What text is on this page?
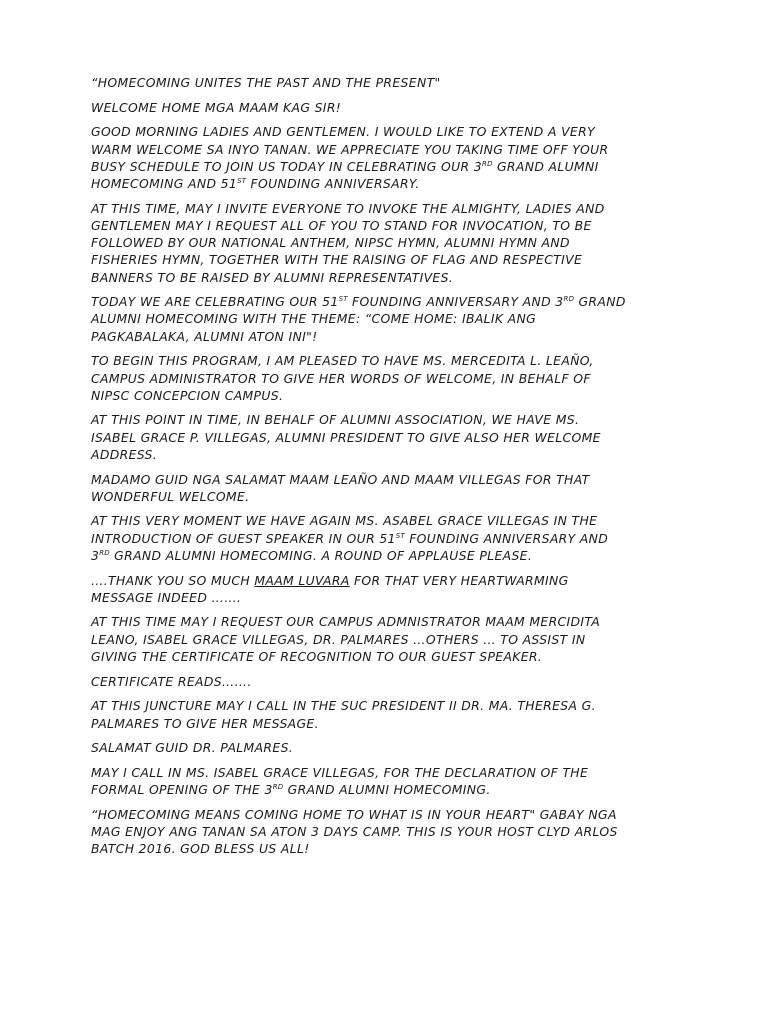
“HOMECOMING UNITES THE PAST AND THE PRESENT"

WELCOME HOME MGA MAAM KAG SIR!

GOOD MORNING LADIES AND GENTLEMEN. I WOULD LIKE TO EXTEND A VERY
WARM WELCOME SA INYO TANAN. WE APPRECIATE YOU TAKING TIME OFF YOUR
BUSY SCHEDULE TO JOIN US TODAY IN CELEBRATING OUR 3RD GRAND ALUMNI
HOMECOMING AND 51ST FOUNDING ANNIVERSARY.

AT THIS TIME, MAY I INVITE EVERYONE TO INVOKE THE ALMIGHTY, LADIES AND
GENTLEMEN MAY I REQUEST ALL OF YOU TO STAND FOR INVOCATION, TO BE
FOLLOWED BY OUR NATIONAL ANTHEM, NIPSC HYMN, ALUMNI HYMN AND
FISHERIES HYMN, TOGETHER WITH THE RAISING OF FLAG AND RESPECTIVE
BANNERS TO BE RAISED BY ALUMNI REPRESENTATIVES.

TODAY WE ARE CELEBRATING OUR 51ST FOUNDING ANNIVERSARY AND 3RD GRAND
ALUMNI HOMECOMING WITH THE THEME: “COME HOME: IBALIK ANG
PAGKABALAKA, ALUMNI ATON INI"!

TO BEGIN THIS PROGRAM, I AM PLEASED TO HAVE MS. MERCEDITA L. LEAÑO,
CAMPUS ADMINISTRATOR TO GIVE HER WORDS OF WELCOME, IN BEHALF OF
NIPSC CONCEPCION CAMPUS.

AT THIS POINT IN TIME, IN BEHALF OF ALUMNI ASSOCIATION, WE HAVE MS.
ISABEL GRACE P. VILLEGAS, ALUMNI PRESIDENT TO GIVE ALSO HER WELCOME
ADDRESS.

MADAMO GUID NGA SALAMAT MAAM LEAÑO AND MAAM VILLEGAS FOR THAT
WONDERFUL WELCOME.

AT THIS VERY MOMENT WE HAVE AGAIN MS. ASABEL GRACE VILLEGAS IN THE
INTRODUCTION OF GUEST SPEAKER IN OUR 51ST FOUNDING ANNIVERSARY AND
3RD GRAND ALUMNI HOMECOMING. A ROUND OF APPLAUSE PLEASE.

….THANK YOU SO MUCH MAAM LUVARA FOR THAT VERY HEARTWARMING
MESSAGE INDEED …….

AT THIS TIME MAY I REQUEST OUR CAMPUS ADMNISTRATOR MAAM MERCIDITA
LEANO, ISABEL GRACE VILLEGAS, DR. PALMARES …OTHERS … TO ASSIST IN
GIVING THE CERTIFICATE OF RECOGNITION TO OUR GUEST SPEAKER.

CERTIFICATE READS…….

AT THIS JUNCTURE MAY I CALL IN THE SUC PRESIDENT II DR. MA. THERESA G.
PALMARES TO GIVE HER MESSAGE.

SALAMAT GUID DR. PALMARES.

MAY I CALL IN MS. ISABEL GRACE VILLEGAS, FOR THE DECLARATION OF THE
FORMAL OPENING OF THE 3RD GRAND ALUMNI HOMECOMING.

“HOMECOMING MEANS COMING HOME TO WHAT IS IN YOUR HEART" GABAY NGA
MAG ENJOY ANG TANAN SA ATON 3 DAYS CAMP. THIS IS YOUR HOST CLYD ARLOS
BATCH 2016. GOD BLESS US ALL!
